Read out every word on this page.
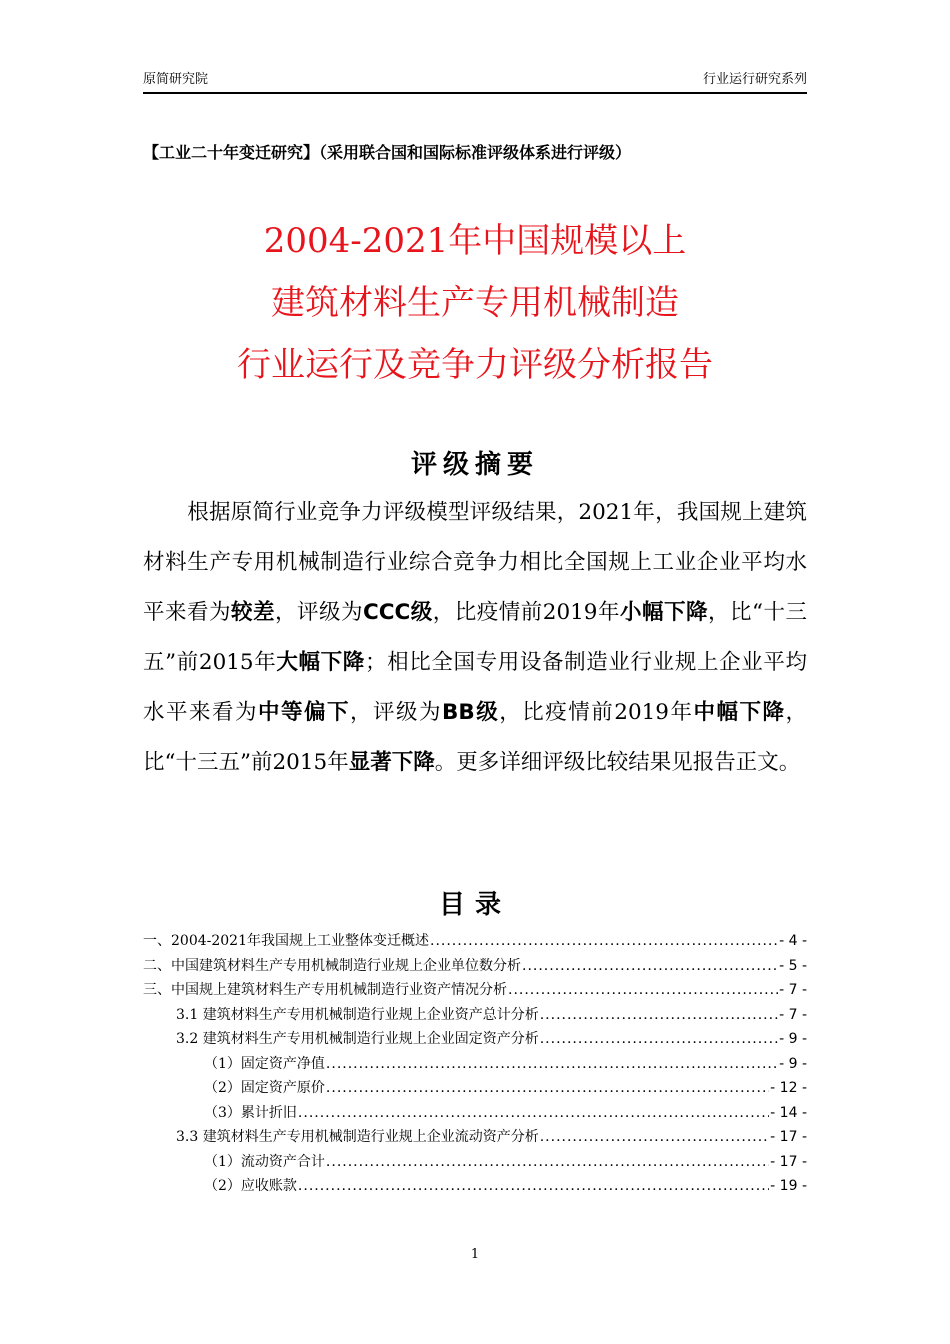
原简研究院	行业运行研究系列
【工业二十年变迁研究】（采用联合国和国际标准评级体系进行评级）
2004-2021年中国规模以上
建筑材料生产专用机械制造
行业运行及竞争力评级分析报告
评级摘要
根据原简行业竞争力评级模型评级结果，2021年，我国规上建筑材料生产专用机械制造行业综合竞争力相比全国规上工业企业平均水平来看为较差，评级为CCC级，比疫情前2019年小幅下降，比“十三五”前2015年大幅下降；相比全国专用设备制造业行业规上企业平均水平来看为中等偏下，评级为BB级，比疫情前2019年中幅下降，比“十三五”前2015年显著下降。更多详细评级比较结果见报告正文。
目录
一、2004-2021年我国规上工业整体变迁概述 .....	- 4 -
二、中国建筑材料生产专用机械制造行业规上企业单位数分析 .....	- 5 -
三、中国规上建筑材料生产专用机械制造行业资产情况分析 .....	- 7 -
3.1 建筑材料生产专用机械制造行业规上企业资产总计分析 .....	- 7 -
3.2 建筑材料生产专用机械制造行业规上企业固定资产分析 .....	- 9 -
（1）固定资产净值 .....	- 9 -
（2）固定资产原价 .....	- 12 -
（3）累计折旧 .....	- 14 -
3.3 建筑材料生产专用机械制造行业规上企业流动资产分析 .....	- 17 -
（1）流动资产合计 .....	- 17 -
（2）应收账款 .....	- 19 -
1
